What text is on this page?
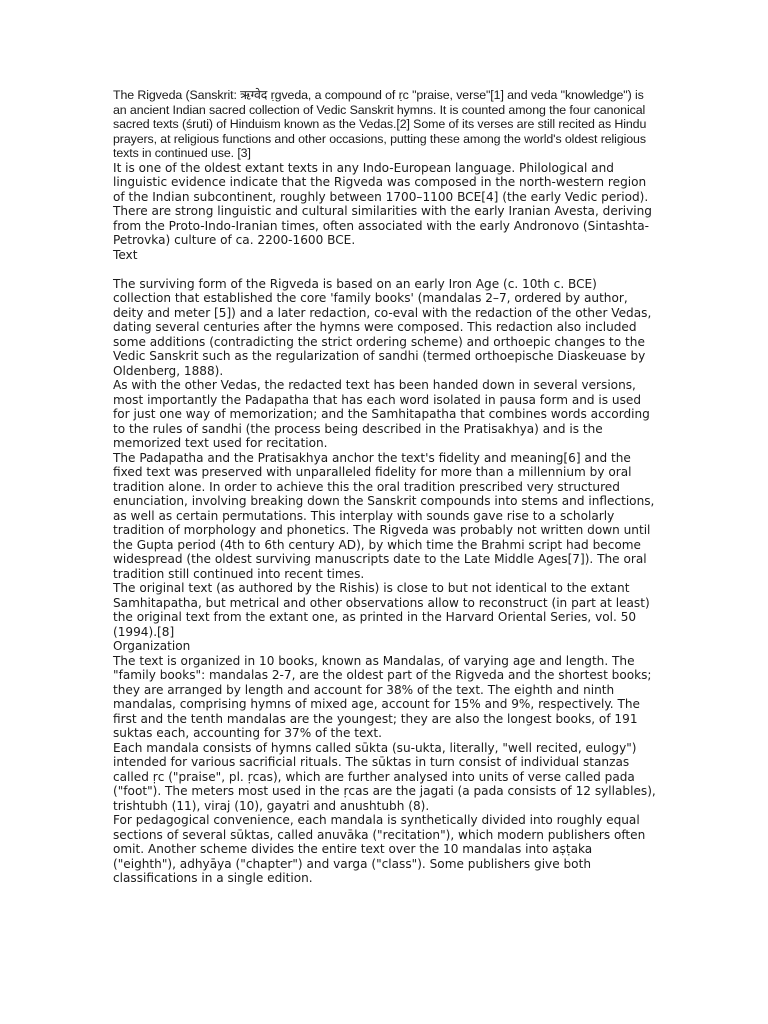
The Rigveda (Sanskrit: ऋग्वेद ṛgveda, a compound of ṛc "praise, verse"[1] and veda "knowledge") is an ancient Indian sacred collection of Vedic Sanskrit hymns. It is counted among the four canonical sacred texts (śruti) of Hinduism known as the Vedas.[2] Some of its verses are still recited as Hindu prayers, at religious functions and other occasions, putting these among the world's oldest religious texts in continued use. [3]

It is one of the oldest extant texts in any Indo-European language. Philological and linguistic evidence indicate that the Rigveda was composed in the north-western region of the Indian subcontinent, roughly between 1700–1100 BCE[4] (the early Vedic period). There are strong linguistic and cultural similarities with the early Iranian Avesta, deriving from the Proto-Indo-Iranian times, often associated with the early Andronovo (Sintashta-Petrovka) culture of ca. 2200-1600 BCE.

Text

The surviving form of the Rigveda is based on an early Iron Age (c. 10th c. BCE) collection that established the core 'family books' (mandalas 2–7, ordered by author, deity and meter [5]) and a later redaction, co-eval with the redaction of the other Vedas, dating several centuries after the hymns were composed. This redaction also included some additions (contradicting the strict ordering scheme) and orthoepic changes to the Vedic Sanskrit such as the regularization of sandhi (termed orthoepische Diaskeuase by Oldenberg, 1888).

As with the other Vedas, the redacted text has been handed down in several versions, most importantly the Padapatha that has each word isolated in pausa form and is used for just one way of memorization; and the Samhitapatha that combines words according to the rules of sandhi (the process being described in the Pratisakhya) and is the memorized text used for recitation.

The Padapatha and the Pratisakhya anchor the text's fidelity and meaning[6] and the fixed text was preserved with unparalleled fidelity for more than a millennium by oral tradition alone. In order to achieve this the oral tradition prescribed very structured enunciation, involving breaking down the Sanskrit compounds into stems and inflections, as well as certain permutations. This interplay with sounds gave rise to a scholarly tradition of morphology and phonetics. The Rigveda was probably not written down until the Gupta period (4th to 6th century AD), by which time the Brahmi script had become widespread (the oldest surviving manuscripts date to the Late Middle Ages[7]). The oral tradition still continued into recent times.

The original text (as authored by the Rishis) is close to but not identical to the extant Samhitapatha, but metrical and other observations allow to reconstruct (in part at least) the original text from the extant one, as printed in the Harvard Oriental Series, vol. 50 (1994).[8]

Organization

The text is organized in 10 books, known as Mandalas, of varying age and length. The "family books": mandalas 2-7, are the oldest part of the Rigveda and the shortest books; they are arranged by length and account for 38% of the text. The eighth and ninth mandalas, comprising hymns of mixed age, account for 15% and 9%, respectively. The first and the tenth mandalas are the youngest; they are also the longest books, of 191 suktas each, accounting for 37% of the text.

Each mandala consists of hymns called sūkta (su-ukta, literally, "well recited, eulogy") intended for various sacrificial rituals. The sūktas in turn consist of individual stanzas called ṛc ("praise", pl. ṛcas), which are further analysed into units of verse called pada ("foot"). The meters most used in the ṛcas are the jagati (a pada consists of 12 syllables), trishtubh (11), viraj (10), gayatri and anushtubh (8).

For pedagogical convenience, each mandala is synthetically divided into roughly equal sections of several sūktas, called anuvāka ("recitation"), which modern publishers often omit. Another scheme divides the entire text over the 10 mandalas into aṣṭaka ("eighth"), adhyāya ("chapter") and varga ("class"). Some publishers give both classifications in a single edition.
